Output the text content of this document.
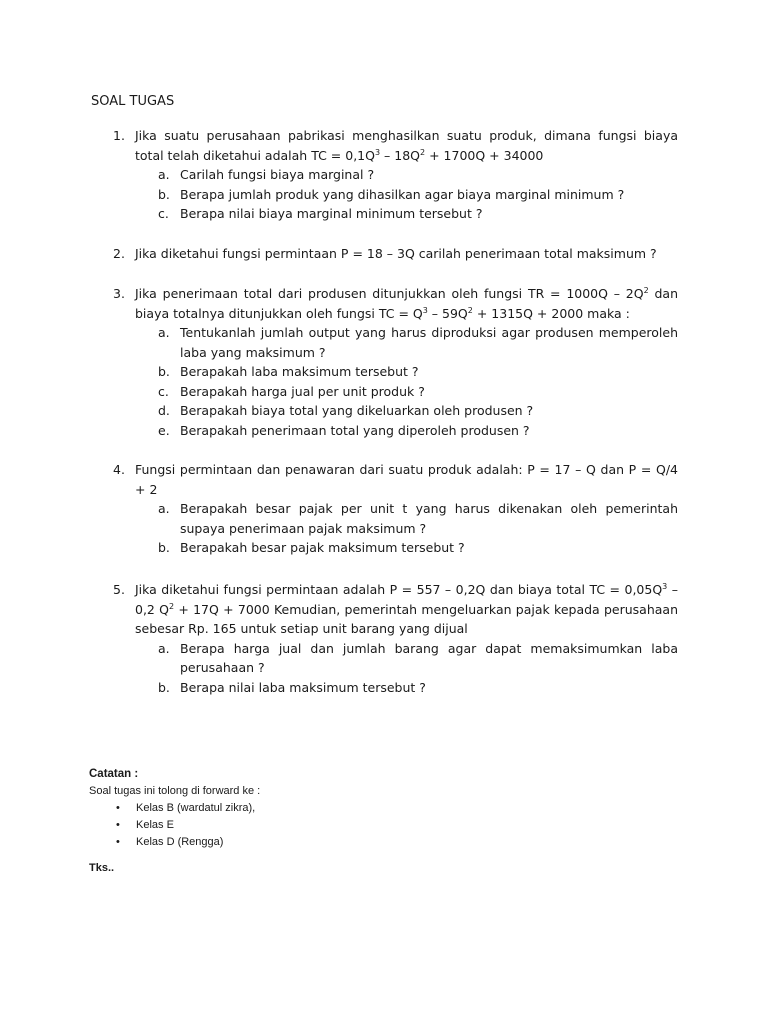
SOAL TUGAS
1. Jika suatu perusahaan pabrikasi menghasilkan suatu produk, dimana fungsi biaya total telah diketahui adalah TC = $0,1Q^3 - 18Q^2 + 1700Q + 34000$
a. Carilah fungsi biaya marginal ?
b. Berapa jumlah produk yang dihasilkan agar biaya marginal minimum ?
c. Berapa nilai biaya marginal minimum tersebut ?
2. Jika diketahui fungsi permintaan P = 18 – 3Q carilah penerimaan total maksimum ?
3. Jika penerimaan total dari produsen ditunjukkan oleh fungsi TR = $1000Q - 2Q^2$ dan biaya totalnya ditunjukkan oleh fungsi TC = $Q^3 - 59Q^2 + 1315Q + 2000$ maka :
a. Tentukanlah jumlah output yang harus diproduksi agar produsen memperoleh laba yang maksimum ?
b. Berapakah laba maksimum tersebut ?
c. Berapakah harga jual per unit produk ?
d. Berapakah biaya total yang dikeluarkan oleh produsen ?
e. Berapakah penerimaan total yang diperoleh produsen ?
4. Fungsi permintaan dan penawaran dari suatu produk adalah: P = 17 – Q dan P = Q/4 + 2
a. Berapakah besar pajak per unit t yang harus dikenakan oleh pemerintah supaya penerimaan pajak maksimum ?
b. Berapakah besar pajak maksimum tersebut ?
5. Jika diketahui fungsi permintaan adalah P = 557 – 0,2Q dan biaya total TC = $0,05Q^3 - 0,2$ $Q^2 + 17Q + 7000$ Kemudian, pemerintah mengeluarkan pajak kepada perusahaan sebesar Rp. 165 untuk setiap unit barang yang dijual
a. Berapa harga jual dan jumlah barang agar dapat memaksimumkan laba perusahaan ?
b. Berapa nilai laba maksimum tersebut ?
Catatan :
Soal tugas ini tolong di forward ke :
•	Kelas B (wardatul zikra),
•	Kelas E
•	Kelas D (Rengga)
Tks..
